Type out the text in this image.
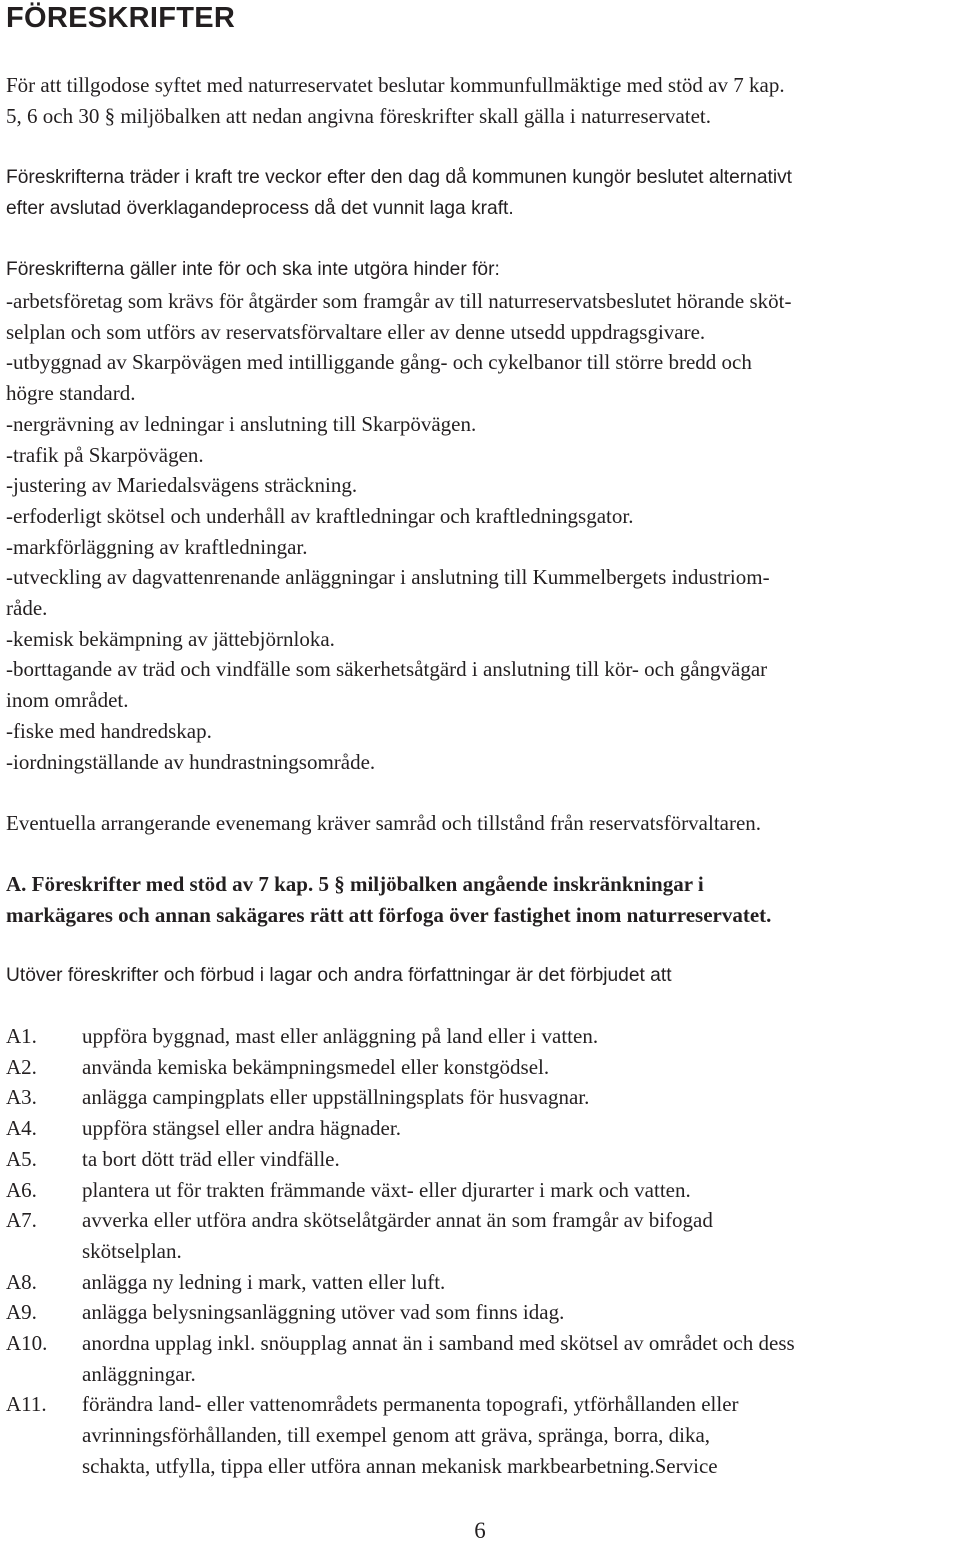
FÖRESKRIFTER

För att tillgodose syftet med naturreservatet beslutar kommunfullmäktige med stöd av 7 kap.
5, 6 och 30 § miljöbalken att nedan angivna föreskrifter skall gälla i naturreservatet.

Föreskrifterna träder i kraft tre veckor efter den dag då kommunen kungör beslutet alternativt
efter avslutad överklagandeprocess då det vunnit laga kraft.

Föreskrifterna gäller inte för och ska inte utgöra hinder för:

-arbetsföretag som krävs för åtgärder som framgår av till naturreservatsbeslutet hörande sköt-
selplan och som utförs av reservatsförvaltare eller av denne utsedd uppdragsgivare.
-utbyggnad av Skarpövägen med intilliggande gång- och cykelbanor till större bredd och
högre standard.
-nergrävning av ledningar i anslutning till Skarpövägen.
-trafik på Skarpövägen.
-justering av Mariedalsvägens sträckning.
-erfoderligt skötsel och underhåll av kraftledningar och kraftledningsgator.
-markförläggning av kraftledningar.
-utveckling av dagvattenrenande anläggningar i anslutning till Kummelbergets industriom-
råde.
-kemisk bekämpning av jättebjörnloka.
-borttagande av träd och vindfälle som säkerhetsåtgärd i anslutning till kör- och gångvägar
inom området.
-fiske med handredskap.
-iordningställande av hundrastningsområde.

Eventuella arrangerande evenemang kräver samråd och tillstånd från reservatsförvaltaren.

A. Föreskrifter med stöd av 7 kap. 5 § miljöbalken angående inskränkningar i
markägares och annan sakägares rätt att förfoga över fastighet inom naturreservatet.

Utöver föreskrifter och förbud i lagar och andra författningar är det förbjudet att

A1. uppföra byggnad, mast eller anläggning på land eller i vatten.
A2. använda kemiska bekämpningsmedel eller konstgödsel.
A3. anlägga campingplats eller uppställningsplats för husvagnar.
A4. uppföra stängsel eller andra hägnader.
A5. ta bort dött träd eller vindfälle.
A6. plantera ut för trakten främmande växt- eller djurarter i mark och vatten.
A7. avverka eller utföra andra skötselåtgärder annat än som framgår av bifogad
skötselplan.
A8. anlägga ny ledning i mark, vatten eller luft.
A9. anlägga belysningsanläggning utöver vad som finns idag.
A10. anordna upplag inkl. snöupplag annat än i samband med skötsel av området och dess
anläggningar.
A11. förändra land- eller vattenområdets permanenta topografi, ytförhållanden eller
avrinningsförhållanden, till exempel genom att gräva, spränga, borra, dika,
schakta, utfylla, tippa eller utföra annan mekanisk markbearbetning.Service
6
